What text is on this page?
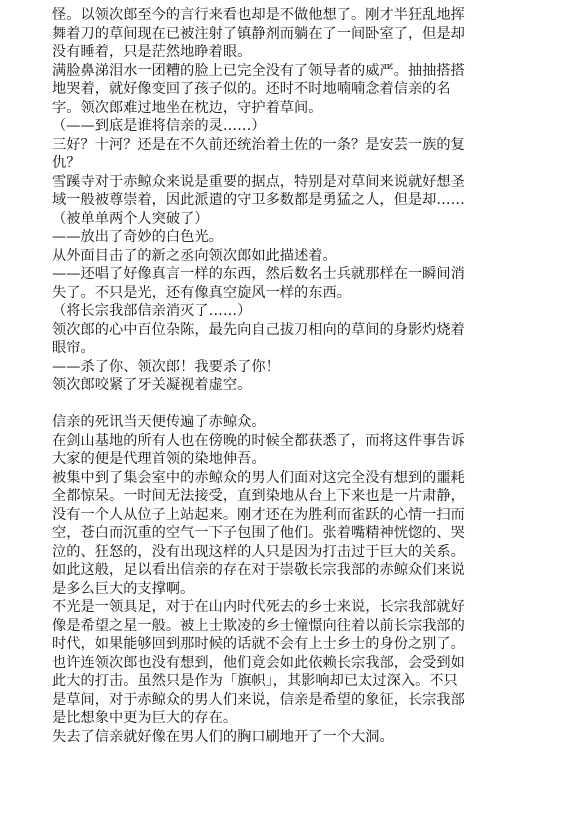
怪。以领次郎至今的言行来看也却是不做他想了。刚才半狂乱地挥
舞着刀的草间现在已被注射了镇静剂而躺在了一间卧室了，但是却
没有睡着，只是茫然地睁着眼。
满脸鼻涕泪水一团糟的脸上已完全没有了领导者的威严。抽抽搭搭
地哭着，就好像变回了孩子似的。还时不时地喃喃念着信亲的名
字。领次郎难过地坐在枕边，守护着草间。
（——到底是谁将信亲的灵……）
三好？十河？还是在不久前还统治着土佐的一条？是安芸一族的复
仇？
雪蹊寺对于赤鲸众来说是重要的据点，特别是对草间来说就好想圣
域一般被尊崇着，因此派遣的守卫多数都是勇猛之人，但是却……
（被单单两个人突破了）
——放出了奇妙的白色光。
从外面目击了的新之丞向领次郎如此描述着。
——还唱了好像真言一样的东西，然后数名士兵就那样在一瞬间消
失了。不只是光，还有像真空旋风一样的东西。
（将长宗我部信亲消灭了……）
领次郎的心中百位杂陈，最先向自己拔刀相向的草间的身影灼烧着
眼帘。
——杀了你、领次郎！我要杀了你！
领次郎咬紧了牙关凝视着虚空。
信亲的死讯当天便传遍了赤鲸众。
在剑山基地的所有人也在傍晚的时候全都获悉了，而将这件事告诉
大家的便是代理首领的染地伸吾。
被集中到了集会室中的赤鲸众的男人们面对这完全没有想到的噩耗
全都惊呆。一时间无法接受，直到染地从台上下来也是一片肃静，
没有一个人从位子上站起来。刚才还在为胜利而雀跃的心情一扫而
空，苍白而沉重的空气一下子包围了他们。张着嘴精神恍惚的、哭
泣的、狂怒的，没有出现这样的人只是因为打击过于巨大的关系。
如此这般，足以看出信亲的存在对于崇敬长宗我部的赤鲸众们来说
是多么巨大的支撑啊。
不光是一领具足，对于在山内时代死去的乡士来说，长宗我部就好
像是希望之星一般。被上士欺凌的乡士憧憬向往着以前长宗我部的
时代，如果能够回到那时候的话就不会有上士乡士的身份之别了。
也许连领次郎也没有想到，他们竟会如此依赖长宗我部，会受到如
此大的打击。虽然只是作为「旗帜」，其影响却已太过深入。不只
是草间，对于赤鲸众的男人们来说，信亲是希望的象征，长宗我部
是比想象中更为巨大的存在。
失去了信亲就好像在男人们的胸口刷地开了一个大洞。
